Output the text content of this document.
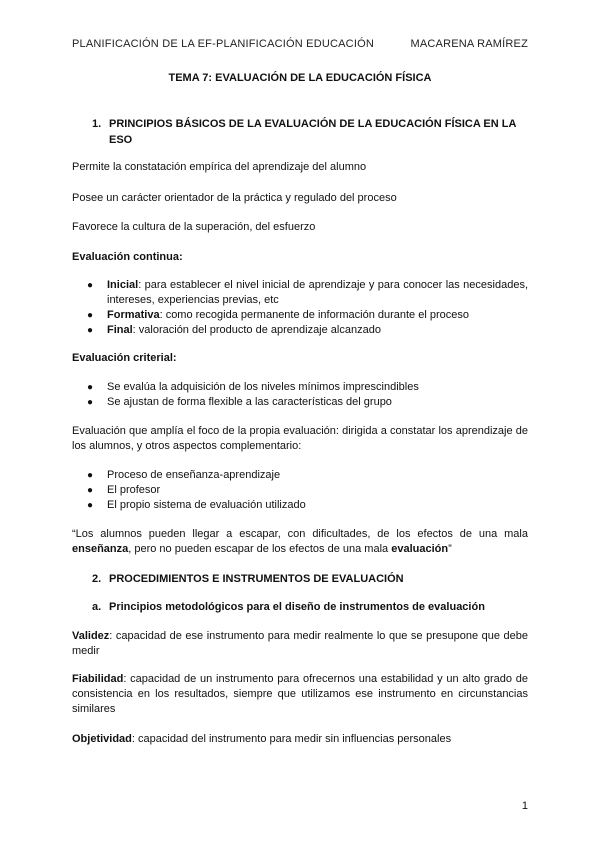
PLANIFICACIÓN DE LA EF-PLANIFICACIÓN EDUCACIÓN	MACARENA RAMÍREZ
TEMA 7: EVALUACIÓN DE LA EDUCACIÓN FÍSICA
1. PRINCIPIOS BÁSICOS DE LA EVALUACIÓN DE LA EDUCACIÓN FÍSICA EN LA ESO

Permite la constatación empírica del aprendizaje del alumno

Posee un carácter orientador de la práctica y regulado del proceso

Favorece la cultura de la superación, del esfuerzo

Evaluación continua:

● Inicial: para establecer el nivel inicial de aprendizaje y para conocer las necesidades, intereses, experiencias previas, etc
● Formativa: como recogida permanente de información durante el proceso
● Final: valoración del producto de aprendizaje alcanzado

Evaluación criterial:

● Se evalúa la adquisición de los niveles mínimos imprescindibles
● Se ajustan de forma flexible a las características del grupo

Evaluación que amplía el foco de la propia evaluación: dirigida a constatar los aprendizaje de los alumnos, y otros aspectos complementario:

● Proceso de enseñanza-aprendizaje
● El profesor
● El propio sistema de evaluación utilizado

“Los alumnos pueden llegar a escapar, con dificultades, de los efectos de una mala enseñanza, pero no pueden escapar de los efectos de una mala evaluación”

2. PROCEDIMIENTOS E INSTRUMENTOS DE EVALUACIÓN
a. Principios metodológicos para el diseño de instrumentos de evaluación

Validez: capacidad de ese instrumento para medir realmente lo que se presupone que debe medir

Fiabilidad: capacidad de un instrumento para ofrecernos una estabilidad y un alto grado de consistencia en los resultados, siempre que utilizamos ese instrumento en circunstancias similares

Objetividad: capacidad del instrumento para medir sin influencias personales

1
